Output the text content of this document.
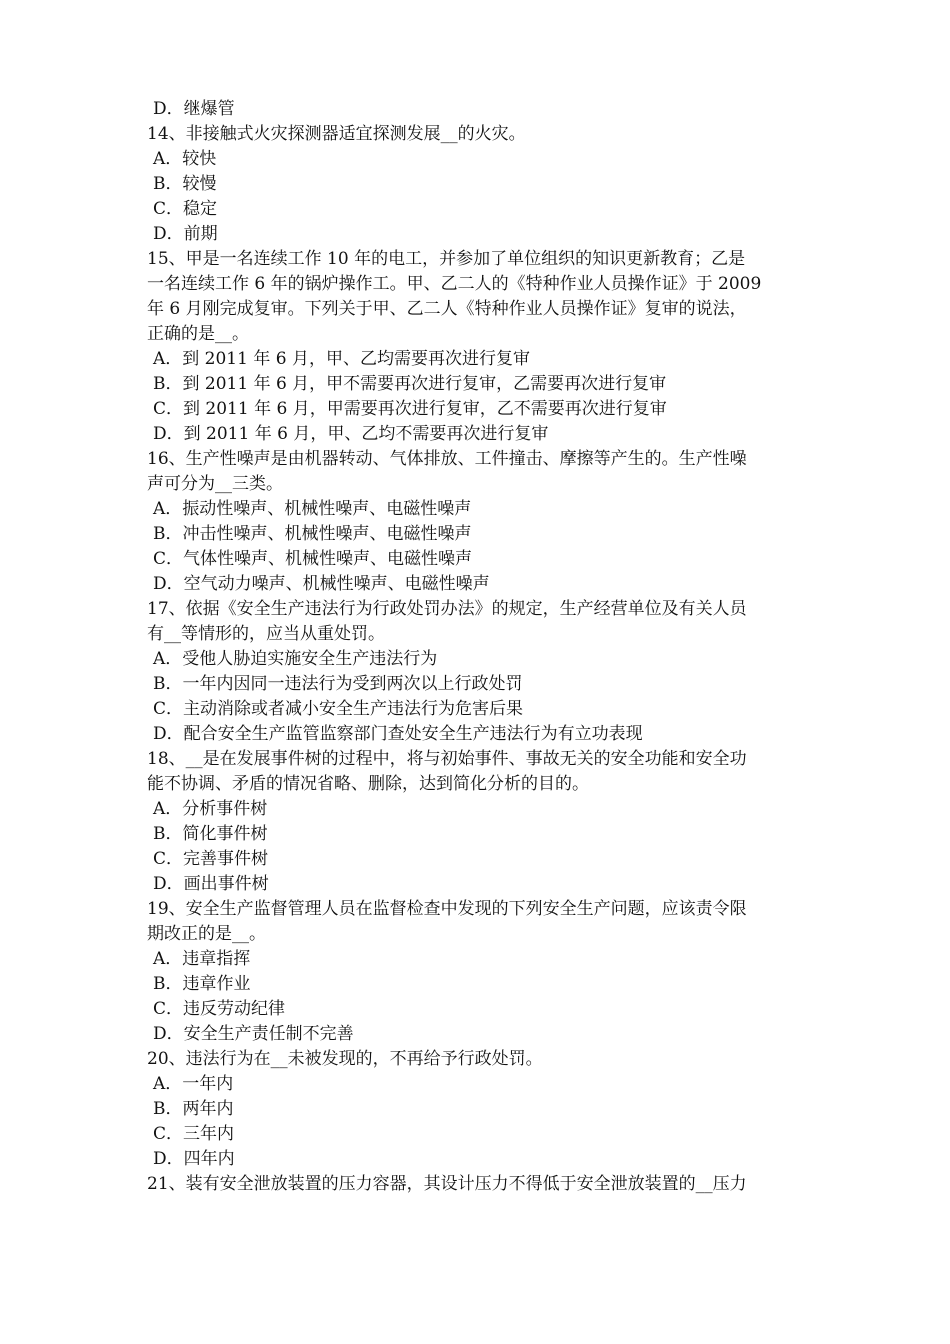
D．继爆管
14、非接触式火灾探测器适宜探测发展__的火灾。
A．较快
B．较慢
C．稳定
D．前期
15、甲是一名连续工作 10 年的电工，并参加了单位组织的知识更新教育；乙是
一名连续工作 6 年的锅炉操作工。甲、乙二人的《特种作业人员操作证》于 2009
年 6 月刚完成复审。下列关于甲、乙二人《特种作业人员操作证》复审的说法，
正确的是__。
A．到 2011 年 6 月，甲、乙均需要再次进行复审
B．到 2011 年 6 月，甲不需要再次进行复审，乙需要再次进行复审
C．到 2011 年 6 月，甲需要再次进行复审，乙不需要再次进行复审
D．到 2011 年 6 月，甲、乙均不需要再次进行复审
16、生产性噪声是由机器转动、气体排放、工件撞击、摩擦等产生的。生产性噪
声可分为__三类。
A．振动性噪声、机械性噪声、电磁性噪声
B．冲击性噪声、机械性噪声、电磁性噪声
C．气体性噪声、机械性噪声、电磁性噪声
D．空气动力噪声、机械性噪声、电磁性噪声
17、依据《安全生产违法行为行政处罚办法》的规定，生产经营单位及有关人员
有__等情形的，应当从重处罚。
A．受他人胁迫实施安全生产违法行为
B．一年内因同一违法行为受到两次以上行政处罚
C．主动消除或者减小安全生产违法行为危害后果
D．配合安全生产监管监察部门查处安全生产违法行为有立功表现
18、__是在发展事件树的过程中，将与初始事件、事故无关的安全功能和安全功
能不协调、矛盾的情况省略、删除，达到简化分析的目的。
A．分析事件树
B．简化事件树
C．完善事件树
D．画出事件树
19、安全生产监督管理人员在监督检查中发现的下列安全生产问题，应该责令限
期改正的是__。
A．违章指挥
B．违章作业
C．违反劳动纪律
D．安全生产责任制不完善
20、违法行为在__未被发现的，不再给予行政处罚。
A．一年内
B．两年内
C．三年内
D．四年内
21、装有安全泄放装置的压力容器，其设计压力不得低于安全泄放装置的__压力
